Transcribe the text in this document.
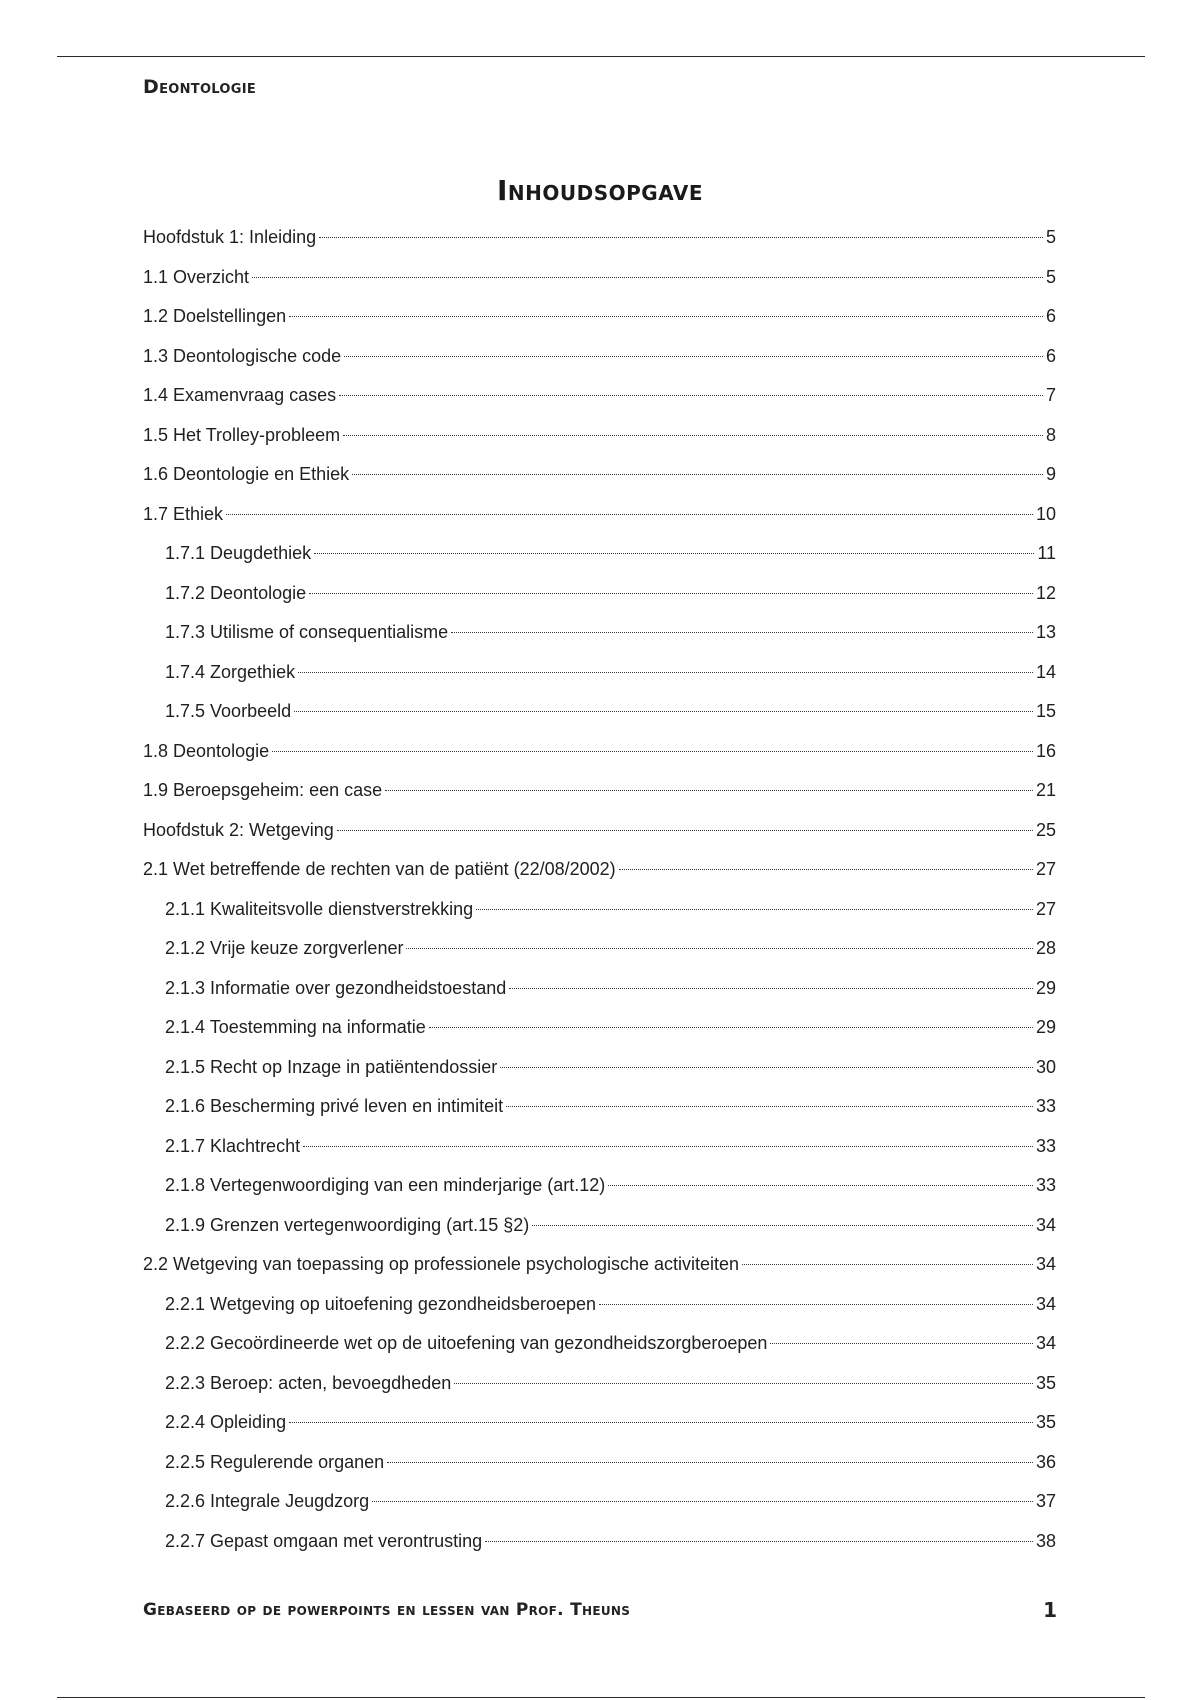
Deontologie
Inhoudsopgave
Hoofdstuk 1: Inleiding	5
1.1 Overzicht	5
1.2 Doelstellingen	6
1.3 Deontologische code	6
1.4 Examenvraag cases	7
1.5 Het Trolley-probleem	8
1.6 Deontologie en Ethiek	9
1.7 Ethiek	10
1.7.1 Deugdethiek	11
1.7.2 Deontologie	12
1.7.3 Utilisme of consequentialisme	13
1.7.4 Zorgethiek	14
1.7.5 Voorbeeld	15
1.8 Deontologie	16
1.9 Beroepsgeheim: een case	21
Hoofdstuk 2: Wetgeving	25
2.1 Wet betreffende de rechten van de patiënt (22/08/2002)	27
2.1.1 Kwaliteitsvolle dienstverstrekking	27
2.1.2 Vrije keuze zorgverlener	28
2.1.3 Informatie over gezondheidstoestand	29
2.1.4 Toestemming na informatie	29
2.1.5 Recht op Inzage in patiëntendossier	30
2.1.6 Bescherming privé leven en intimiteit	33
2.1.7 Klachtrecht	33
2.1.8 Vertegenwoordiging van een minderjarige (art.12)	33
2.1.9 Grenzen vertegenwoordiging (art.15 §2)	34
2.2 Wetgeving van toepassing op professionele psychologische activiteiten	34
2.2.1 Wetgeving op uitoefening gezondheidsberoepen	34
2.2.2 Gecoördineerde wet op de uitoefening van gezondheidszorgberoepen	34
2.2.3 Beroep: acten, bevoegdheden	35
2.2.4 Opleiding	35
2.2.5 Regulerende organen	36
2.2.6 Integrale Jeugdzorg	37
2.2.7 Gepast omgaan met verontrusting	38
Gebaseerd op de powerpoints en lessen van Prof. Theuns	1
